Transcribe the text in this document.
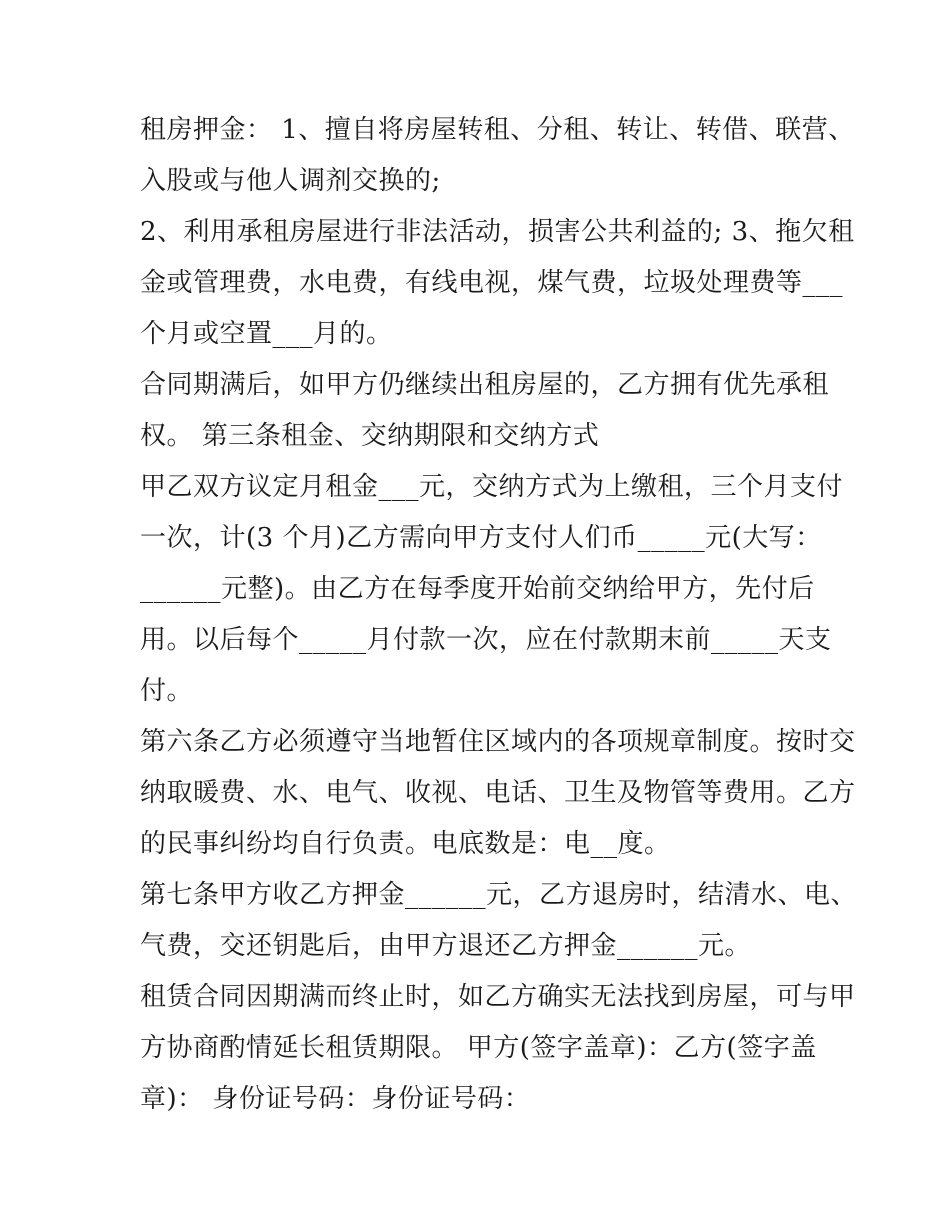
租房押金： 1、擅自将房屋转租、分租、转让、转借、联营、
入股或与他人调剂交换的;
2、利用承租房屋进行非法活动，损害公共利益的; 3、拖欠租
金或管理费，水电费，有线电视，煤气费，垃圾处理费等___
个月或空置___月的。
合同期满后，如甲方仍继续出租房屋的，乙方拥有优先承租
权。 第三条租金、交纳期限和交纳方式
甲乙双方议定月租金___元，交纳方式为上缴租，三个月支付
一次，计(3 个月)乙方需向甲方支付人们币_____元(大写：
______元整)。由乙方在每季度开始前交纳给甲方，先付后
用。以后每个_____月付款一次，应在付款期末前_____天支
付。
第六条乙方必须遵守当地暂住区域内的各项规章制度。按时交
纳取暖费、水、电气、收视、电话、卫生及物管等费用。乙方
的民事纠纷均自行负责。电底数是：电__度。
第七条甲方收乙方押金______元，乙方退房时，结清水、电、
气费，交还钥匙后，由甲方退还乙方押金______元。
租赁合同因期满而终止时，如乙方确实无法找到房屋，可与甲
方协商酌情延长租赁期限。 甲方(签字盖章)：乙方(签字盖
章)： 身份证号码：身份证号码：
